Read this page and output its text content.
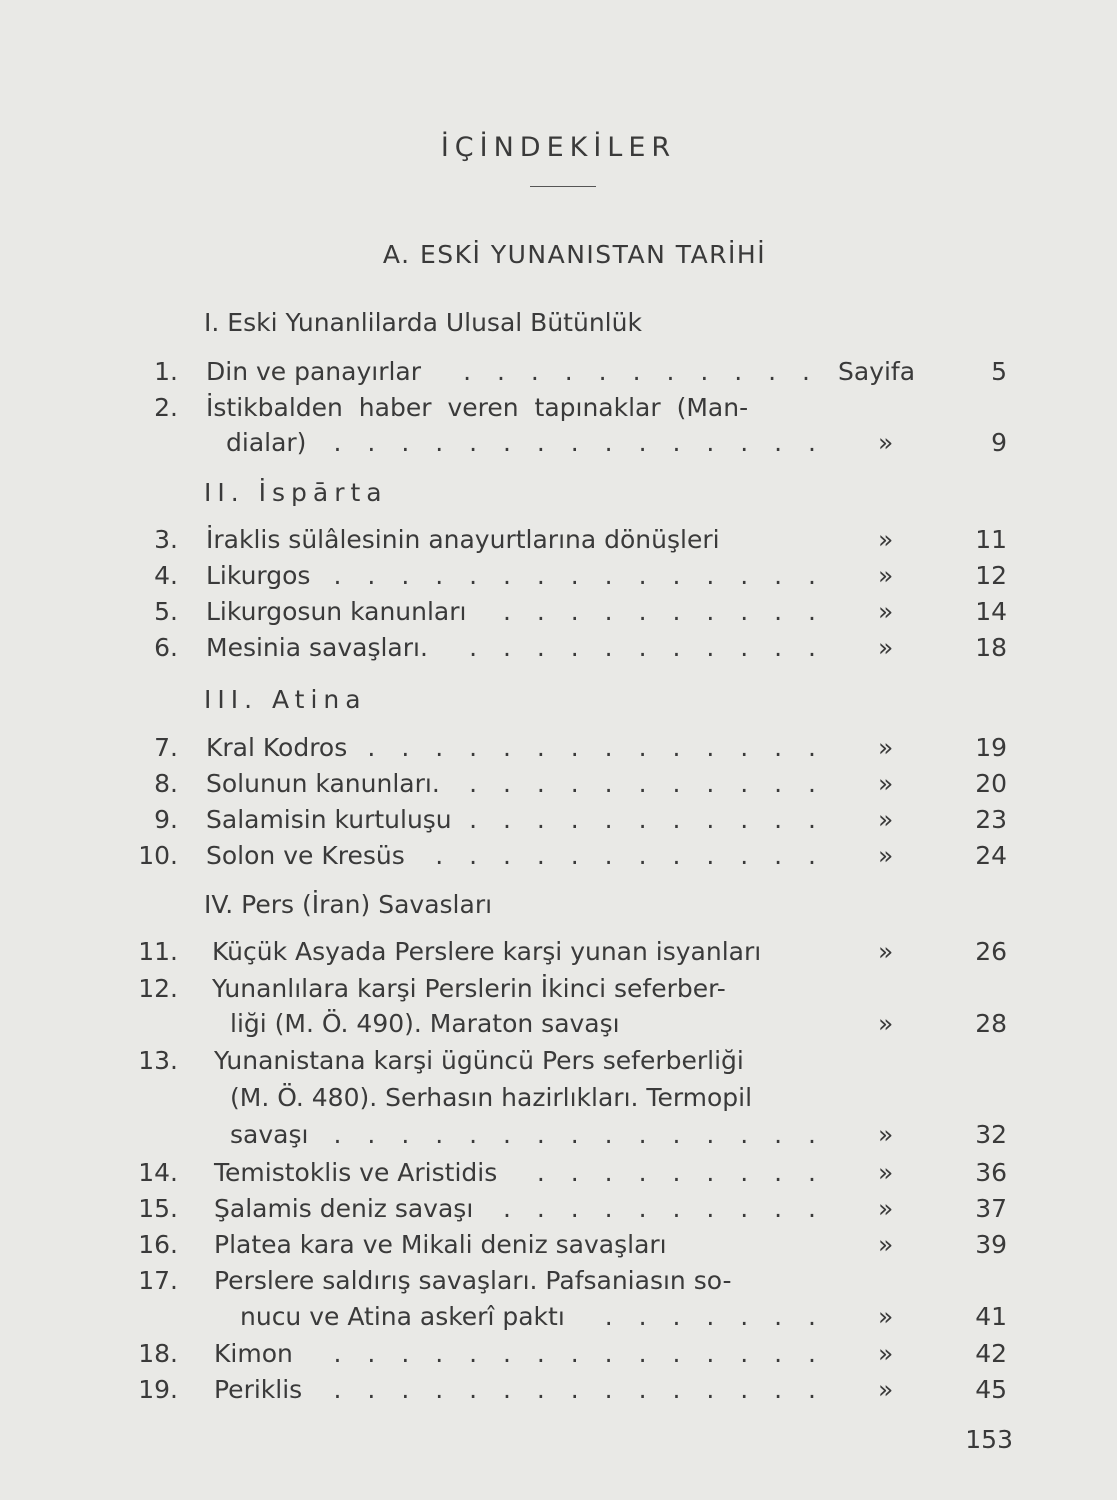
İÇİNDEKİLER
A. ESKİ YUNANISTAN TARİHİ
I. Eski Yunanlilarda Ulusal Bütünlük
1. Din ve panayırlar . . . . . . . . . . . Sayifa	5
2. İstikbalden haber veren tapınaklar (Man-
dialar) . . . . . . . . . . . . . . . »	9
II. İspārta
3. İraklis sülâlesinin anayurtlarına dönüşleri	»	11
4. Likurgos . . . . . . . . . . . . . . . »	12
5. Likurgosun kanunları . . . . . . . . . . »	14
6. Mesinia savaşları. . . . . . . . . . . . »	18
III. Atina
7. Kral Kodros . . . . . . . . . . . . . . »	19
8. Solunun kanunları. . . . . . . . . . . . »	20
9. Salamisin kurtuluşu . . . . . . . . . . . »	23
10. Solon ve Kresüs . . . . . . . . . . . . »	24
IV. Pers (İran) Savasları
11. Küçük Asyada Perslere karşi yunan isyanları	»	26
12. Yunanlılara karşi Perslerin İkinci seferber-
liği (M. Ö. 490). Maraton savaşı	»	28
13. Yunanistana karşi ügüncü Pers seferberliği
(M. Ö. 480). Serhasın hazirlıkları. Termopil
savaşı . . . . . . . . . . . . . . . »	32
14. Temistoklis ve Aristidis . . . . . . . . . »	36
15. Şalamis deniz savaşı . . . . . . . . . . »	37
16. Platea kara ve Mikali deniz savaşları	»	39
17. Perslere saldırış savaşları. Pafsaniasın so-
nucu ve Atina askerî paktı . . . . . . . »	41
18. Kimon . . . . . . . . . . . . . . . »	42
19. Periklis . . . . . . . . . . . . . . . »	45
153
